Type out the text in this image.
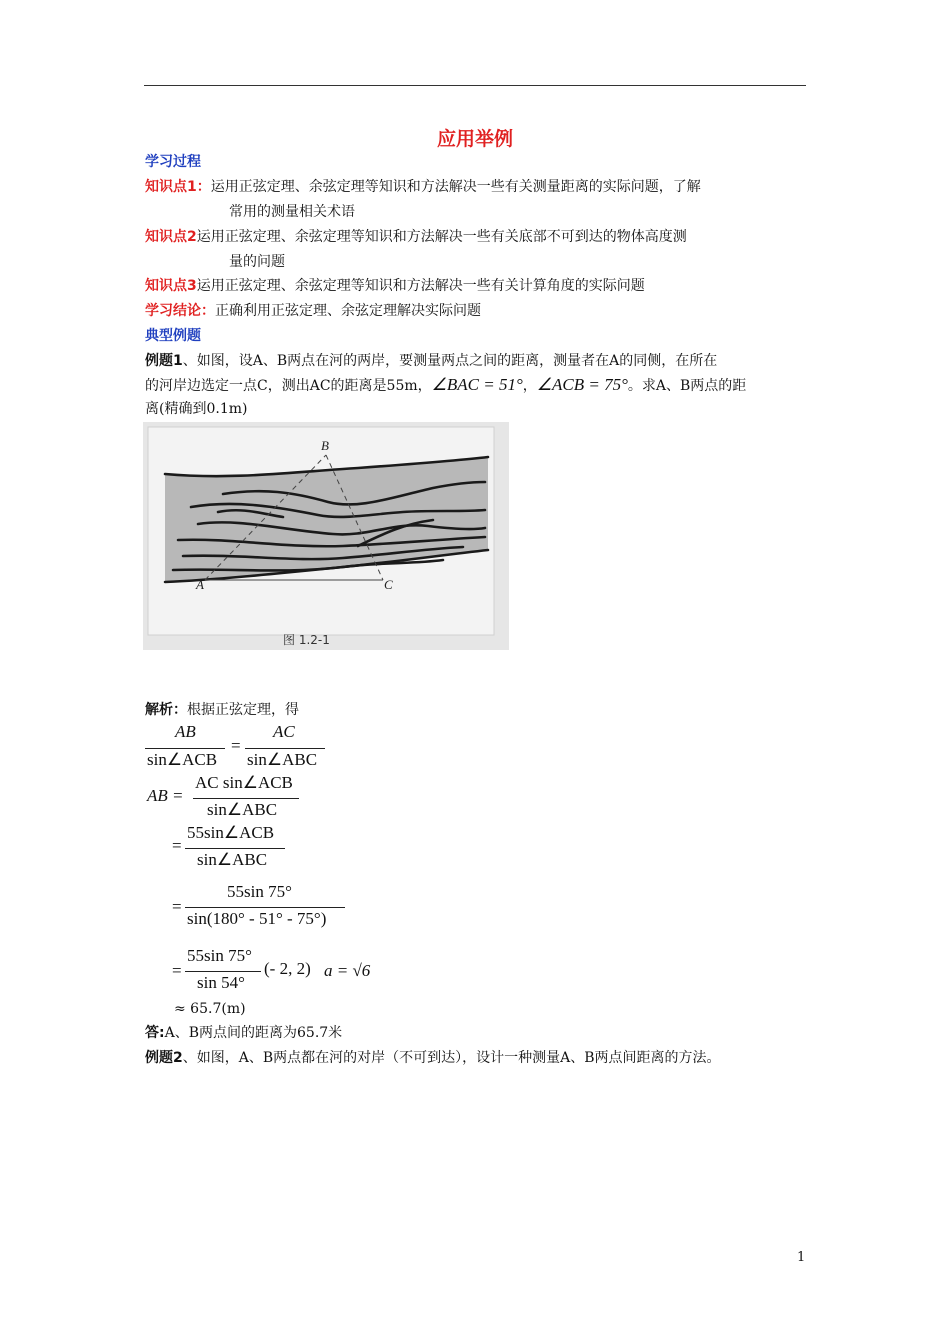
应用举例
学习过程
知识点1：运用正弦定理、余弦定理等知识和方法解决一些有关测量距离的实际问题，了解
常用的测量相关术语
知识点2运用正弦定理、余弦定理等知识和方法解决一些有关底部不可到达的物体高度测
量的问题
知识点3运用正弦定理、余弦定理等知识和方法解决一些有关计算角度的实际问题
学习结论：正确利用正弦定理、余弦定理解决实际问题
典型例题
例题1、如图，设A、B两点在河的两岸，要测量两点之间的距离，测量者在A的同侧，在所在
的河岸边选定一点C，测出AC的距离是55m，∠BAC = 51°，∠ACB = 75°。求A、B两点的距
离(精确到0.1m)
A
B
C
图 1.2-1
解析：根据正弦定理，得
AB
sin∠ACB
=
AC
sin∠ABC
AB =
AC sin∠ACB
sin∠ABC
=
55sin∠ACB
sin∠ABC
=
55sin 75°
sin(180° - 51° - 75°)
=
55sin 75°
sin 54°
(- 2, 2) a = √6
≈ 65.7(m)
答:A、B两点间的距离为65.7米
例题2、如图，A、B两点都在河的对岸（不可到达），设计一种测量A、B两点间距离的方法。
1
